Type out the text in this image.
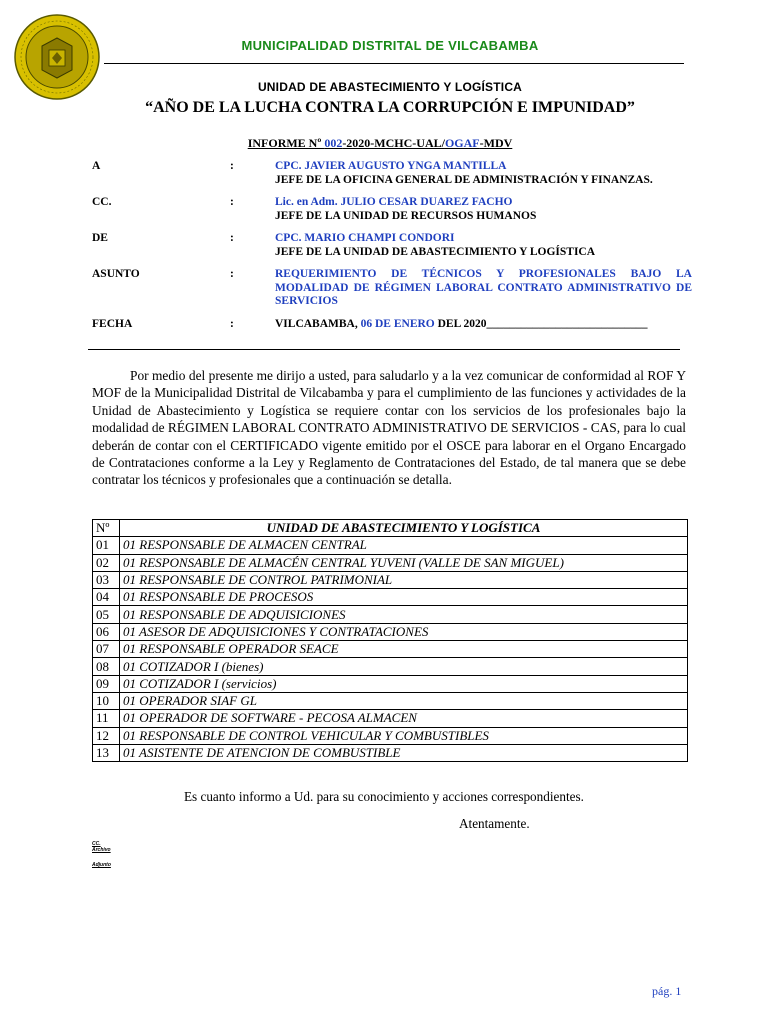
MUNICIPALIDAD DISTRITAL DE VILCABAMBA
UNIDAD DE ABASTECIMIENTO Y LOGÍSTICA
“AÑO DE LA LUCHA CONTRA LA CORRUPCIÓN E IMPUNIDAD”
INFORME Nº 002-2020-MCHC-UAL/OGAF-MDV
A	:	CPC. JAVIER AUGUSTO YNGA MANTILLA
JEFE DE LA OFICINA GENERAL DE ADMINISTRACIÓN Y FINANZAS.
CC.	:	Lic. en Adm. JULIO CESAR DUAREZ FACHO
JEFE DE LA UNIDAD DE RECURSOS HUMANOS
DE	:	CPC. MARIO CHAMPI CONDORI
JEFE DE LA UNIDAD DE ABASTECIMIENTO Y LOGÍSTICA
ASUNTO	:	REQUERIMIENTO DE TÉCNICOS Y PROFESIONALES BAJO LA MODALIDAD DE RÉGIMEN LABORAL CONTRATO ADMINISTRATIVO DE SERVICIOS
FECHA	:	VILCABAMBA, 06 DE ENERO DEL 2020____________________________
Por medio del presente me dirijo a usted, para saludarlo y a la vez comunicar de conformidad al ROF Y MOF de la Municipalidad Distrital de Vilcabamba y para el cumplimiento de las funciones y actividades de la Unidad de Abastecimiento y Logística se requiere contar con los servicios de los profesionales bajo la modalidad de RÉGIMEN LABORAL CONTRATO ADMINISTRATIVO DE SERVICIOS - CAS, para lo cual deberán de contar con el CERTIFICADO vigente emitido por el OSCE para laborar en el Organo Encargado de Contrataciones conforme a la Ley y Reglamento de Contrataciones del Estado, de tal manera que se debe contratar los técnicos y profesionales que a continuación se detalla.
Nº	UNIDAD DE ABASTECIMIENTO Y LOGÍSTICA
01	01 RESPONSABLE DE ALMACEN CENTRAL
02	01 RESPONSABLE DE ALMACÉN CENTRAL YUVENI (VALLE DE SAN MIGUEL)
03	01 RESPONSABLE DE CONTROL PATRIMONIAL
04	01 RESPONSABLE DE PROCESOS
05	01 RESPONSABLE DE ADQUISICIONES
06	01 ASESOR DE ADQUISICIONES Y CONTRATACIONES
07	01 RESPONSABLE OPERADOR SEACE
08	01 COTIZADOR I (bienes)
09	01 COTIZADOR I (servicios)
10	01 OPERADOR SIAF GL
11	01 OPERADOR DE SOFTWARE - PECOSA ALMACEN
12	01 RESPONSABLE DE CONTROL VEHICULAR Y COMBUSTIBLES
13	01 ASISTENTE DE ATENCION DE COMBUSTIBLE
Es cuanto informo a Ud. para su conocimiento y acciones correspondientes.
Atentamente.
CC.
Archivo
Adjunto
pág. 1
